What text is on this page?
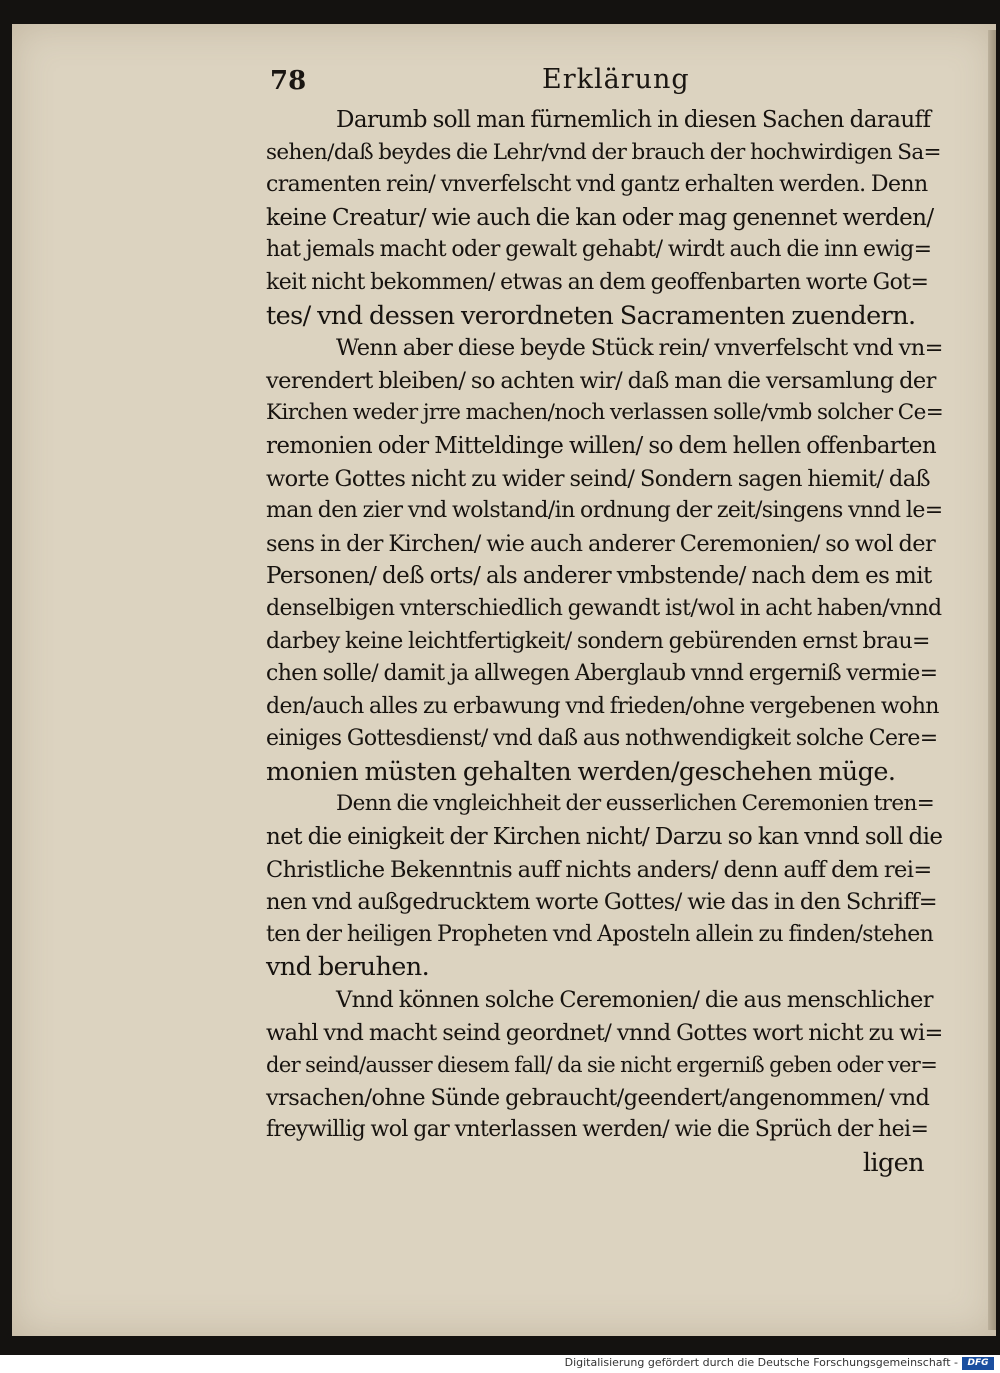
78	Erklärung
Darumb soll man fürnemlich in diesen Sachen darauff
sehen/daß beydes die Lehr/vnd der brauch der hochwirdigen Sa=
cramenten rein/ vnverfelscht vnd gantz erhalten werden. Denn
keine Creatur/ wie auch die kan oder mag genennet werden/
hat jemals macht oder gewalt gehabt/ wirdt auch die inn ewig=
keit nicht bekommen/ etwas an dem geoffenbarten worte Got=
tes/ vnd dessen verordneten Sacramenten zuendern.
Wenn aber diese beyde Stück rein/ vnverfelscht vnd vn=
verendert bleiben/ so achten wir/ daß man die versamlung der
Kirchen weder jrre machen/noch verlassen solle/vmb solcher Ce=
remonien oder Mitteldinge willen/ so dem hellen offenbarten
worte Gottes nicht zu wider seind/ Sondern sagen hiemit/ daß
man den zier vnd wolstand/in ordnung der zeit/singens vnnd le=
sens in der Kirchen/ wie auch anderer Ceremonien/ so wol der
Personen/ deß orts/ als anderer vmbstende/ nach dem es mit
denselbigen vnterschiedlich gewandt ist/wol in acht haben/vnnd
darbey keine leichtfertigkeit/ sondern gebürenden ernst brau=
chen solle/ damit ja allwegen Aberglaub vnnd ergerniß vermie=
den/auch alles zu erbawung vnd frieden/ohne vergebenen wohn
einiges Gottesdienst/ vnd daß aus nothwendigkeit solche Cere=
monien müsten gehalten werden/geschehen müge.
Denn die vngleichheit der eusserlichen Ceremonien tren=
net die einigkeit der Kirchen nicht/ Darzu so kan vnnd soll die
Christliche Bekenntnis auff nichts anders/ denn auff dem rei=
nen vnd außgedrucktem worte Gottes/ wie das in den Schriff=
ten der heiligen Propheten vnd Aposteln allein zu finden/stehen
vnd beruhen.
Vnnd können solche Ceremonien/ die aus menschlicher
wahl vnd macht seind geordnet/ vnnd Gottes wort nicht zu wi=
der seind/ausser diesem fall/ da sie nicht ergerniß geben oder ver=
vrsachen/ohne Sünde gebraucht/geendert/angenommen/ vnd
freywillig wol gar vnterlassen werden/ wie die Sprüch der hei=
ligen
Digitalisierung gefördert durch die Deutsche Forschungsgemeinschaft -	DFG
